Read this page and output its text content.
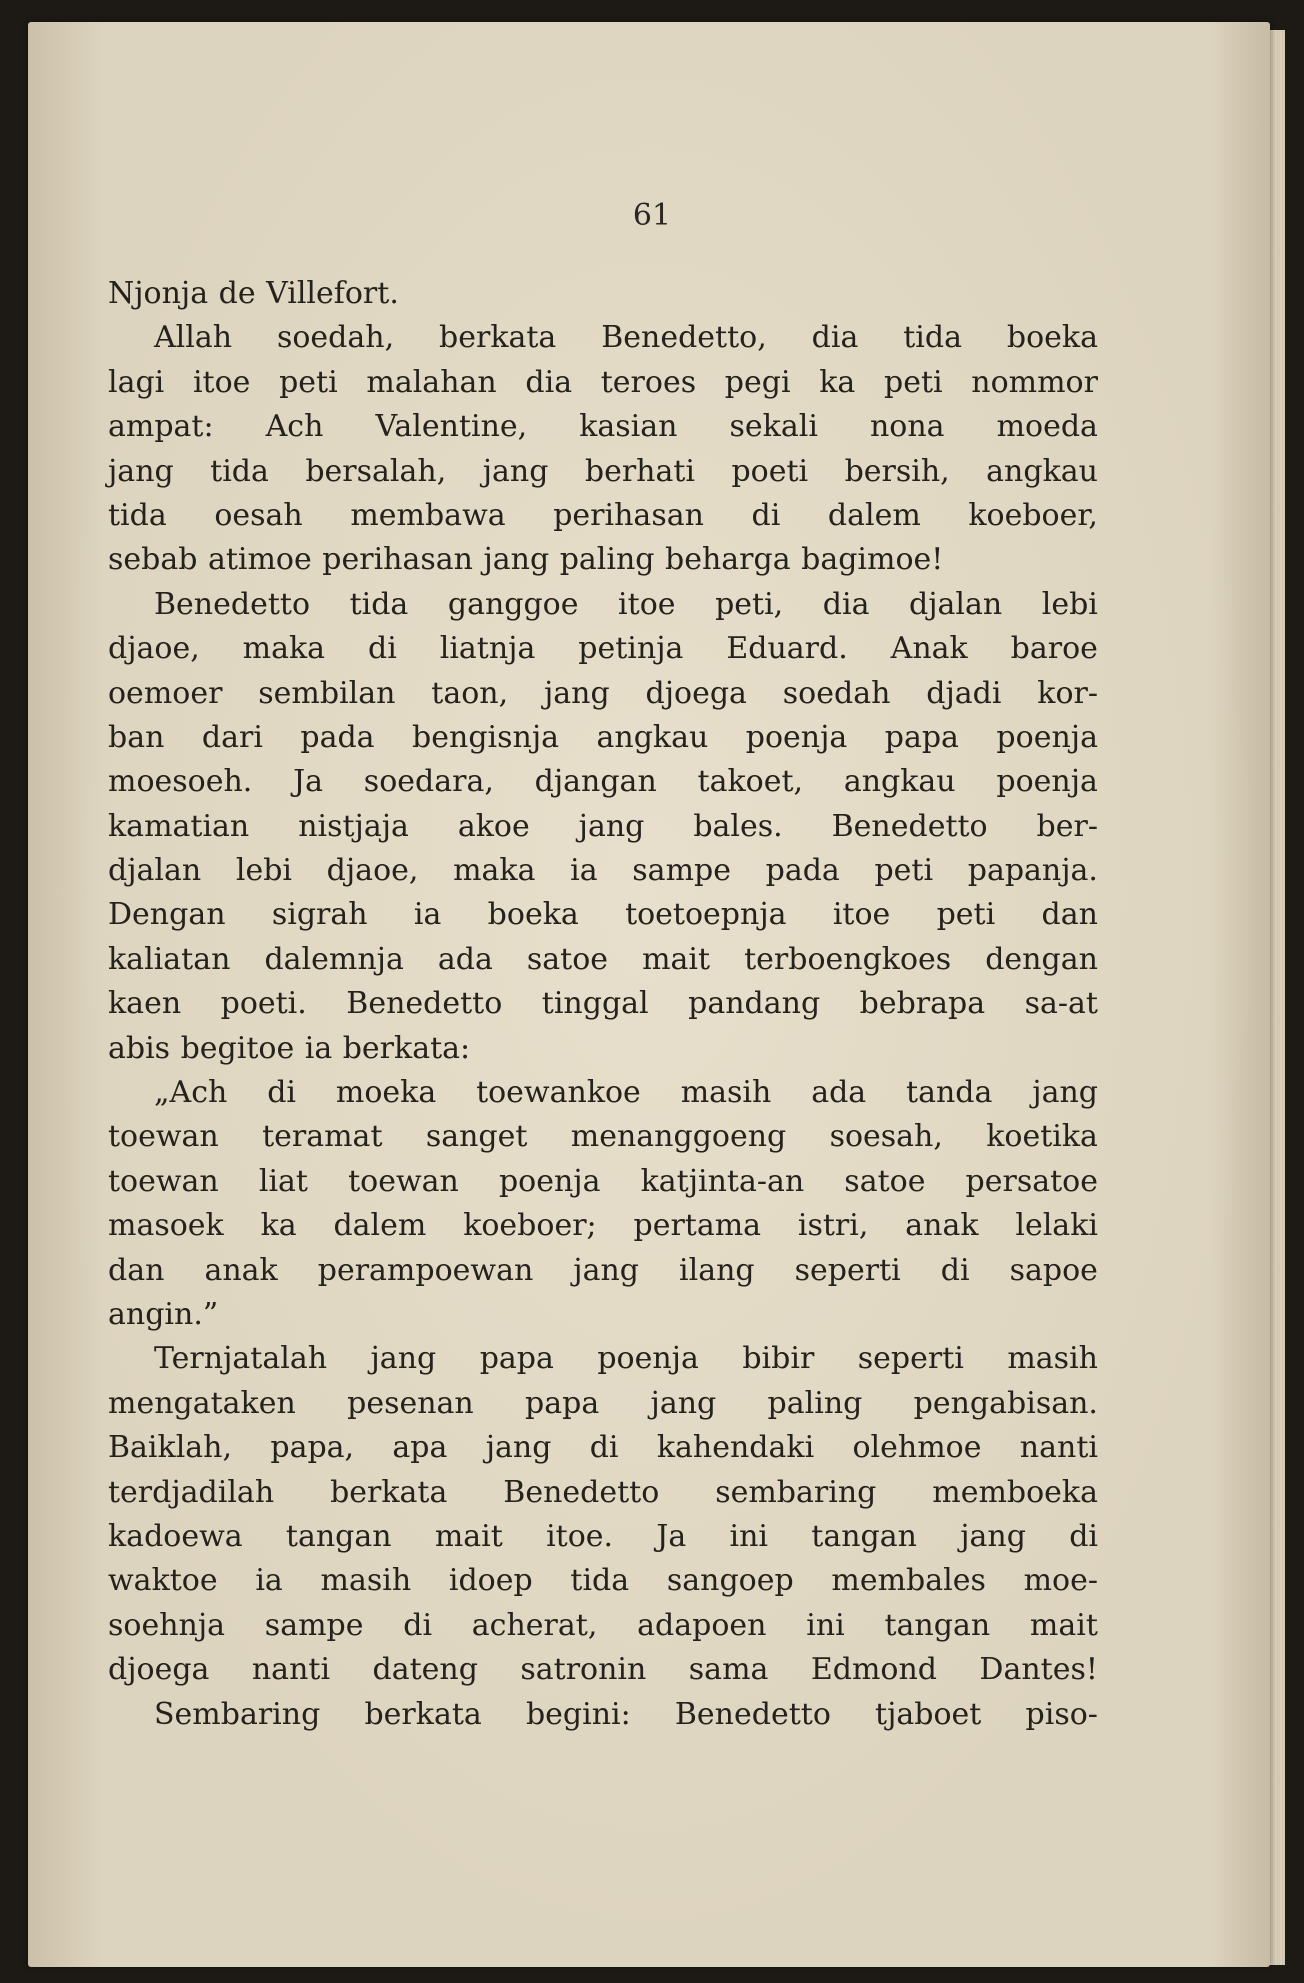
61
Njonja de Villefort.
Allah soedah, berkata Benedetto, dia tida boeka
lagi itoe peti malahan dia teroes pegi ka peti nommor
ampat: Ach Valentine, kasian sekali nona moeda
jang tida bersalah, jang berhati poeti bersih, angkau
tida oesah membawa perihasan di dalem koeboer,
sebab atimoe perihasan jang paling beharga bagimoe!
Benedetto tida ganggoe itoe peti, dia djalan lebi
djaoe, maka di liatnja petinja Eduard. Anak baroe
oemoer sembilan taon, jang djoega soedah djadi kor-
ban dari pada bengisnja angkau poenja papa poenja
moesoeh. Ja soedara, djangan takoet, angkau poenja
kamatian nistjaja akoe jang bales. Benedetto ber-
djalan lebi djaoe, maka ia sampe pada peti papanja.
Dengan sigrah ia boeka toetoepnja itoe peti dan
kaliatan dalemnja ada satoe mait terboengkoes dengan
kaen poeti. Benedetto tinggal pandang bebrapa sa-at
abis begitoe ia berkata:
„Ach di moeka toewankoe masih ada tanda jang
toewan teramat sanget menanggoeng soesah, koetika
toewan liat toewan poenja katjinta-an satoe persatoe
masoek ka dalem koeboer; pertama istri, anak lelaki
dan anak perampoewan jang ilang seperti di sapoe
angin.”
Ternjatalah jang papa poenja bibir seperti masih
mengataken pesenan papa jang paling pengabisan.
Baiklah, papa, apa jang di kahendaki olehmoe nanti
terdjadilah berkata Benedetto sembaring memboeka
kadoewa tangan mait itoe. Ja ini tangan jang di
waktoe ia masih idoep tida sangoep membales moe-
soehnja sampe di acherat, adapoen ini tangan mait
djoega nanti dateng satronin sama Edmond Dantes!
Sembaring berkata begini: Benedetto tjaboet piso-
